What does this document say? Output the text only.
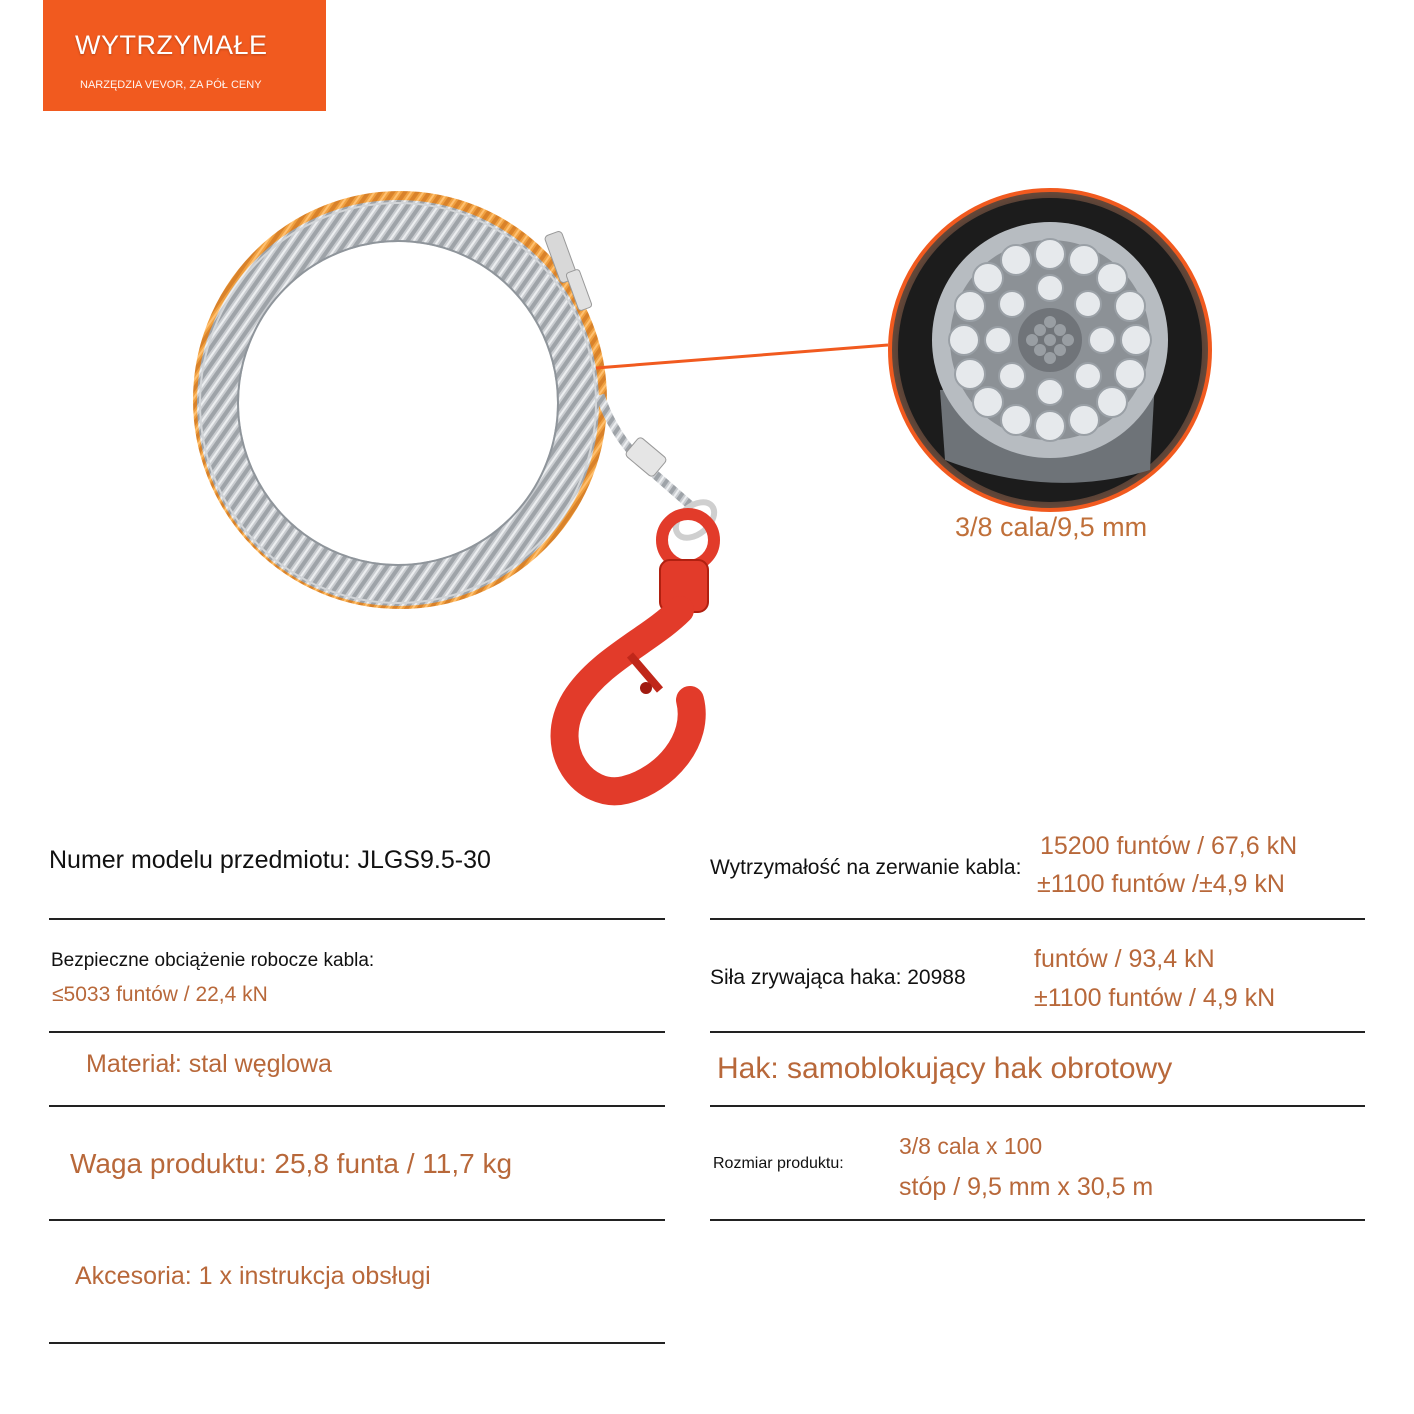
WYTRZYMAŁE
NARZĘDZIA VEVOR, ZA PÓŁ CENY
3/8 cala/9,5 mm
Numer modelu przedmiotu: JLGS9.5-30
Bezpieczne obciążenie robocze kabla:
≤5033 funtów / 22,4 kN
Materiał: stal węglowa
Waga produktu: 25,8 funta / 11,7 kg
Akcesoria: 1 x instrukcja obsługi
Wytrzymałość na zerwanie kabla:
15200 funtów / 67,6 kN
±1100 funtów /±4,9 kN
Siła zrywająca haka: 20988
funtów / 93,4 kN
±1100 funtów / 4,9 kN
Hak: samoblokujący hak obrotowy
Rozmiar produktu:
3/8 cala x 100
stóp / 9,5 mm x 30,5 m
